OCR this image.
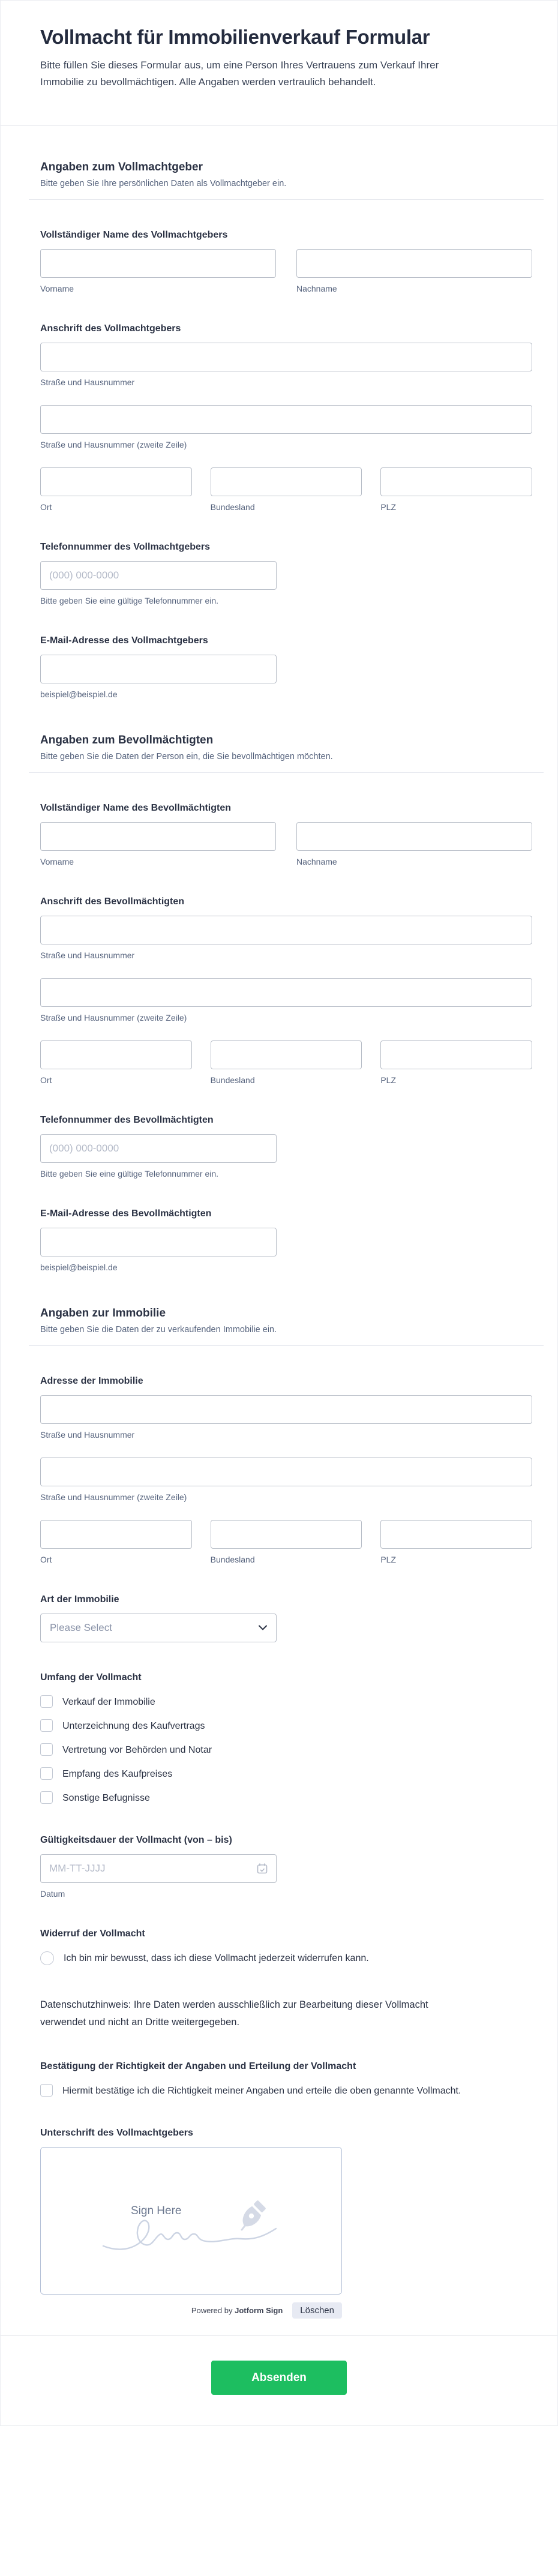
Vollmacht für Immobilienverkauf Formular

Bitte füllen Sie dieses Formular aus, um eine Person Ihres Vertrauens zum Verkauf Ihrer Immobilie zu bevollmächtigen. Alle Angaben werden vertraulich behandelt.

Angaben zum Vollmachtgeber

Bitte geben Sie Ihre persönlichen Daten als Vollmachtgeber ein.

Vollständiger Name des Vollmachtgebers
Vorname	Nachname
Anschrift des Vollmachtgebers
Straße und Hausnummer
Straße und Hausnummer (zweite Zeile)
Ort	Bundesland	PLZ
Telefonnummer des Vollmachtgebers
(000) 000-0000
Bitte geben Sie eine gültige Telefonnummer ein.
E-Mail-Adresse des Vollmachtgebers
beispiel@beispiel.de
Angaben zum Bevollmächtigten

Bitte geben Sie die Daten der Person ein, die Sie bevollmächtigen möchten.

Vollständiger Name des Bevollmächtigten
Vorname	Nachname
Anschrift des Bevollmächtigten
Straße und Hausnummer
Straße und Hausnummer (zweite Zeile)
Ort	Bundesland	PLZ
Telefonnummer des Bevollmächtigten
(000) 000-0000
Bitte geben Sie eine gültige Telefonnummer ein.
E-Mail-Adresse des Bevollmächtigten
beispiel@beispiel.de
Angaben zur Immobilie

Bitte geben Sie die Daten der zu verkaufenden Immobilie ein.

Adresse der Immobilie
Straße und Hausnummer
Straße und Hausnummer (zweite Zeile)
Ort	Bundesland	PLZ
Art der Immobilie
Please Select
Umfang der Vollmacht
Verkauf der Immobilie
Unterzeichnung des Kaufvertrags
Vertretung vor Behörden und Notar
Empfang des Kaufpreises
Sonstige Befugnisse
Gültigkeitsdauer der Vollmacht (von – bis)
MM-TT-JJJJ
Datum
Widerruf der Vollmacht
Ich bin mir bewusst, dass ich diese Vollmacht jederzeit widerrufen kann.

Datenschutzhinweis: Ihre Daten werden ausschließlich zur Bearbeitung dieser Vollmacht verwendet und nicht an Dritte weitergegeben.

Bestätigung der Richtigkeit der Angaben und Erteilung der Vollmacht
Hiermit bestätige ich die Richtigkeit meiner Angaben und erteile die oben genannte Vollmacht.
Unterschrift des Vollmachtgebers
Sign Here
Powered by Jotform Sign	Löschen
Absenden
